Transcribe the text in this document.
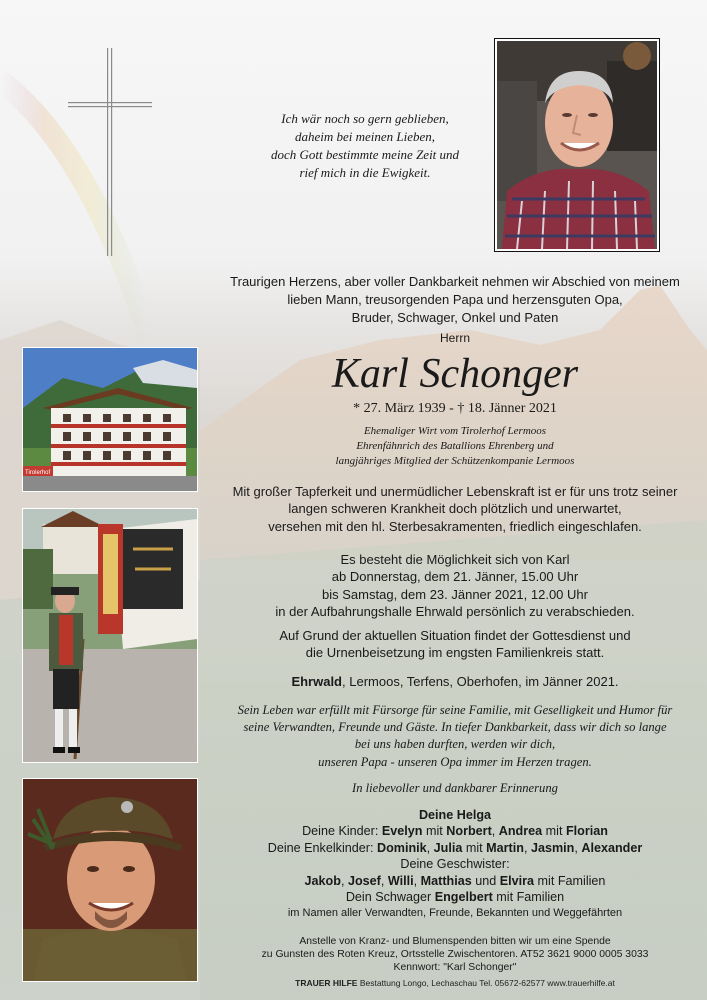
Ich wär noch so gern geblieben,
daheim bei meinen Lieben,
doch Gott bestimmte meine Zeit und
rief mich in die Ewigkeit.
Traurigen Herzens, aber voller Dankbarkeit nehmen wir Abschied von meinem
lieben Mann, treusorgenden Papa und herzensguten Opa,
Bruder, Schwager, Onkel und Paten
Herrn
Karl Schonger
* 27. März 1939 - † 18. Jänner 2021
Ehemaliger Wirt vom Tirolerhof Lermoos
Ehrenfähnrich des Batallions Ehrenberg und
langjähriges Mitglied der Schützenkompanie Lermoos
Mit großer Tapferkeit und unermüdlicher Lebenskraft ist er für uns trotz seiner
langen schweren Krankheit doch plötzlich und unerwartet,
versehen mit den hl. Sterbesakramenten, friedlich eingeschlafen.
Es besteht die Möglichkeit sich von Karl
ab Donnerstag, dem 21. Jänner, 15.00 Uhr
bis Samstag, dem 23. Jänner 2021, 12.00 Uhr
in der Aufbahrungshalle Ehrwald persönlich zu verabschieden.
Auf Grund der aktuellen Situation findet der Gottesdienst und
die Urnenbeisetzung im engsten Familienkreis statt.
Ehrwald, Lermoos, Terfens, Oberhofen, im Jänner 2021.
Sein Leben war erfüllt mit Fürsorge für seine Familie, mit Geselligkeit und Humor für
seine Verwandten, Freunde und Gäste. In tiefer Dankbarkeit, dass wir dich so lange
bei uns haben durften, werden wir dich,
unseren Papa - unseren Opa immer im Herzen tragen.
In liebevoller und dankbarer Erinnerung
Deine Helga
Deine Kinder: Evelyn mit Norbert, Andrea mit Florian
Deine Enkelkinder: Dominik, Julia mit Martin, Jasmin, Alexander
Deine Geschwister:
Jakob, Josef, Willi, Matthias und Elvira mit Familien
Dein Schwager Engelbert mit Familien
im Namen aller Verwandten, Freunde, Bekannten und Weggefährten
Anstelle von Kranz- und Blumenspenden bitten wir um eine Spende
zu Gunsten des Roten Kreuz, Ortsstelle Zwischentoren. AT52 3621 9000 0005 3033
Kennwort: "Karl Schonger"
TRAUER HILFE Bestattung Longo, Lechaschau Tel. 05672-62577 www.trauerhilfe.at
Tirolerhof
